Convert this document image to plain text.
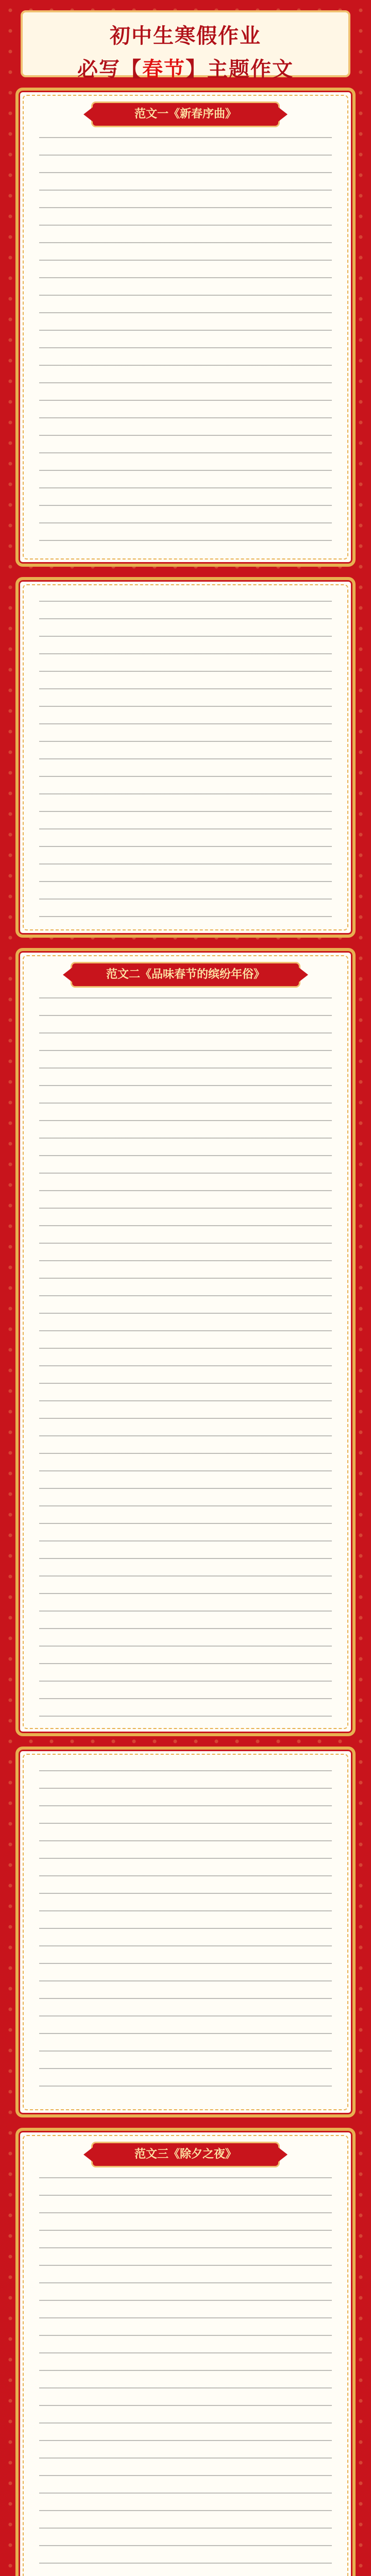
初中生寒假作业
必写【春节】主题作文
范文一《新春序曲》
范文二《品味春节的缤纷年俗》
范文三《除夕之夜》
